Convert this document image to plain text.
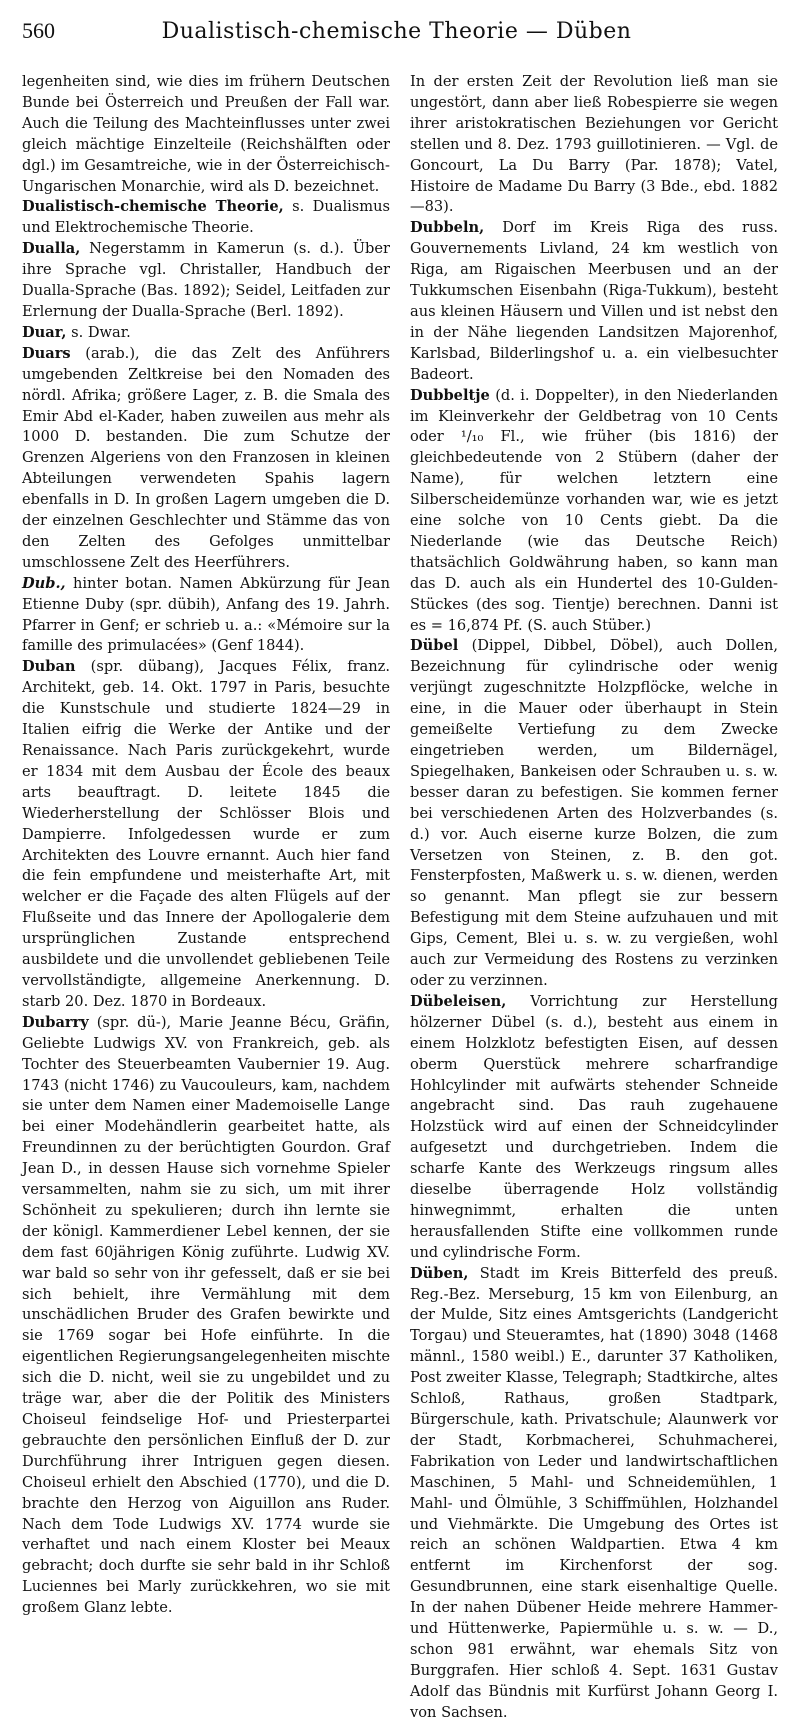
560	Dualistisch-chemische Theorie — Düben

legenheiten sind, wie dies im frühern Deutschen Bunde bei Österreich und Preußen der Fall war. Auch die Teilung des Machteinflusses unter zwei gleich mächtige Einzelteile (Reichshälften oder dgl.) im Gesamtreiche, wie in der Österreichisch-Ungarischen Monarchie, wird als D. bezeichnet.

Dualistisch-chemische Theorie, s. Dualismus und Elektrochemische Theorie.

Dualla, Negerstamm in Kamerun (s. d.). Über ihre Sprache vgl. Christaller, Handbuch der Dualla-Sprache (Bas. 1892); Seidel, Leitfaden zur Erlernung der Dualla-Sprache (Berl. 1892).

Duar, s. Dwar.

Duars (arab.), die das Zelt des Anführers umgebenden Zeltkreise bei den Nomaden des nördl. Afrika; größere Lager, z. B. die Smala des Emir Abd el-Kader, haben zuweilen aus mehr als 1000 D. bestanden. Die zum Schutze der Grenzen Algeriens von den Franzosen in kleinen Abteilungen verwendeten Spahis lagern ebenfalls in D. In großen Lagern umgeben die D. der einzelnen Geschlechter und Stämme das von den Zelten des Gefolges unmittelbar umschlossene Zelt des Heerführers.

Dub., hinter botan. Namen Abkürzung für Jean Etienne Duby (spr. dübih), Anfang des 19. Jahrh. Pfarrer in Genf; er schrieb u. a.: «Mémoire sur la famille des primulacées» (Genf 1844).

Duban (spr. dübang), Jacques Félix, franz. Architekt, geb. 14. Okt. 1797 in Paris, besuchte die Kunstschule und studierte 1824—29 in Italien eifrig die Werke der Antike und der Renaissance. Nach Paris zurückgekehrt, wurde er 1834 mit dem Ausbau der École des beaux arts beauftragt. D. leitete 1845 die Wiederherstellung der Schlösser Blois und Dampierre. Infolgedessen wurde er zum Architekten des Louvre ernannt. Auch hier fand die fein empfundene und meisterhafte Art, mit welcher er die Façade des alten Flügels auf der Flußseite und das Innere der Apollogalerie dem ursprünglichen Zustande entsprechend ausbildete und die unvollendet gebliebenen Teile vervollständigte, allgemeine Anerkennung. D. starb 20. Dez. 1870 in Bordeaux.

Dubarry (spr. dü-), Marie Jeanne Bécu, Gräfin, Geliebte Ludwigs XV. von Frankreich, geb. als Tochter des Steuerbeamten Vaubernier 19. Aug. 1743 (nicht 1746) zu Vaucouleurs, kam, nachdem sie unter dem Namen einer Mademoiselle Lange bei einer Modehändlerin gearbeitet hatte, als Freundinnen zu der berüchtigten Gourdon. Graf Jean D., in dessen Hause sich vornehme Spieler versammelten, nahm sie zu sich, um mit ihrer Schönheit zu spekulieren; durch ihn lernte sie der königl. Kammerdiener Lebel kennen, der sie dem fast 60jährigen König zuführte. Ludwig XV. war bald so sehr von ihr gefesselt, daß er sie bei sich behielt, ihre Vermählung mit dem unschädlichen Bruder des Grafen bewirkte und sie 1769 sogar bei Hofe einführte. In die eigentlichen Regierungsangelegenheiten mischte sich die D. nicht, weil sie zu ungebildet und zu träge war, aber die der Politik des Ministers Choiseul feindselige Hof- und Priesterpartei gebrauchte den persönlichen Einfluß der D. zur Durchführung ihrer Intriguen gegen diesen. Choiseul erhielt den Abschied (1770), und die D. brachte den Herzog von Aiguillon ans Ruder. Nach dem Tode Ludwigs XV. 1774 wurde sie verhaftet und nach einem Kloster bei Meaux gebracht; doch durfte sie sehr bald in ihr Schloß Luciennes bei Marly zurückkehren, wo sie mit großem Glanz lebte.

In der ersten Zeit der Revolution ließ man sie ungestört, dann aber ließ Robespierre sie wegen ihrer aristokratischen Beziehungen vor Gericht stellen und 8. Dez. 1793 guillotinieren. — Vgl. de Goncourt, La Du Barry (Par. 1878); Vatel, Histoire de Madame Du Barry (3 Bde., ebd. 1882—83).

Dubbeln, Dorf im Kreis Riga des russ. Gouvernements Livland, 24 km westlich von Riga, am Rigaischen Meerbusen und an der Tukkumschen Eisenbahn (Riga-Tukkum), besteht aus kleinen Häusern und Villen und ist nebst den in der Nähe liegenden Landsitzen Majorenhof, Karlsbad, Bilderlingshof u. a. ein vielbesuchter Badeort.

Dubbeltje (d. i. Doppelter), in den Niederlanden im Kleinverkehr der Geldbetrag von 10 Cents oder ¹/₁₀ Fl., wie früher (bis 1816) der gleichbedeutende von 2 Stübern (daher der Name), für welchen letztern eine Silberscheidemünze vorhanden war, wie es jetzt eine solche von 10 Cents giebt. Da die Niederlande (wie das Deutsche Reich) thatsächlich Goldwährung haben, so kann man das D. auch als ein Hundertel des 10-Gulden-Stückes (des sog. Tientje) berechnen. Danni ist es = 16,874 Pf. (S. auch Stüber.)

Dübel (Dippel, Dibbel, Döbel), auch Dollen, Bezeichnung für cylindrische oder wenig verjüngt zugeschnitzte Holzpflöcke, welche in eine, in die Mauer oder überhaupt in Stein gemeißelte Vertiefung zu dem Zwecke eingetrieben werden, um Bildernägel, Spiegelhaken, Bankeisen oder Schrauben u. s. w. besser daran zu befestigen. Sie kommen ferner bei verschiedenen Arten des Holzverbandes (s. d.) vor. Auch eiserne kurze Bolzen, die zum Versetzen von Steinen, z. B. den got. Fensterpfosten, Maßwerk u. s. w. dienen, werden so genannt. Man pflegt sie zur bessern Befestigung mit dem Steine aufzuhauen und mit Gips, Cement, Blei u. s. w. zu vergießen, wohl auch zur Vermeidung des Rostens zu verzinken oder zu verzinnen.

Dübeleisen, Vorrichtung zur Herstellung hölzerner Dübel (s. d.), besteht aus einem in einem Holzklotz befestigten Eisen, auf dessen oberm Querstück mehrere scharfrandige Hohlcylinder mit aufwärts stehender Schneide angebracht sind. Das rauh zugehauene Holzstück wird auf einen der Schneidcylinder aufgesetzt und durchgetrieben. Indem die scharfe Kante des Werkzeugs ringsum alles dieselbe überragende Holz vollständig hinwegnimmt, erhalten die unten herausfallenden Stifte eine vollkommen runde und cylindrische Form.

Düben, Stadt im Kreis Bitterfeld des preuß. Reg.-Bez. Merseburg, 15 km von Eilenburg, an der Mulde, Sitz eines Amtsgerichts (Landgericht Torgau) und Steueramtes, hat (1890) 3048 (1468 männl., 1580 weibl.) E., darunter 37 Katholiken, Post zweiter Klasse, Telegraph; Stadtkirche, altes Schloß, Rathaus, großen Stadtpark, Bürgerschule, kath. Privatschule; Alaunwerk vor der Stadt, Korbmacherei, Schuhmacherei, Fabrikation von Leder und landwirtschaftlichen Maschinen, 5 Mahl- und Schneidemühlen, 1 Mahl- und Ölmühle, 3 Schiffmühlen, Holzhandel und Viehmärkte. Die Umgebung des Ortes ist reich an schönen Waldpartien. Etwa 4 km entfernt im Kirchenforst der sog. Gesundbrunnen, eine stark eisenhaltige Quelle. In der nahen Dübener Heide mehrere Hammer- und Hüttenwerke, Papiermühle u. s. w. — D., schon 981 erwähnt, war ehemals Sitz von Burggrafen. Hier schloß 4. Sept. 1631 Gustav Adolf das Bündnis mit Kurfürst Johann Georg I. von Sachsen.
